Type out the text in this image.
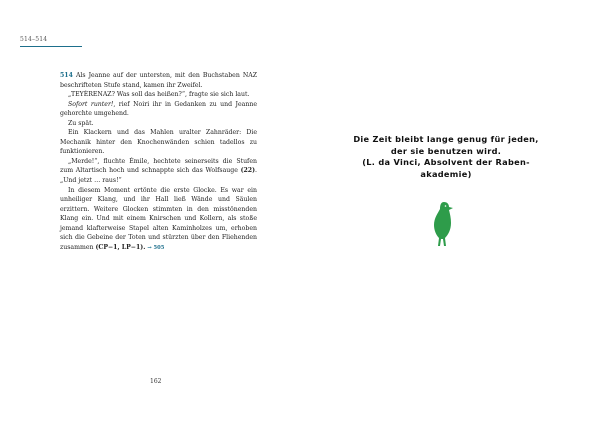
514–514

514 Als Jeanne auf der untersten, mit den Buchstaben NAZ beschrifteten Stufe stand, kamen ihr Zweifel.

„TEYÈRENAZ? Was soll das heißen?“, fragte sie sich laut.

Sofort runter!, rief Noiri ihr in Gedanken zu und Jeanne gehorchte umgehend.

Zu spät.

Ein Klackern und das Mahlen uralter Zahnräder: Die Mechanik hinter den Knochenwänden schien tadellos zu funktionieren.

„Merde!“, fluchte Émile, hechtete seinerseits die Stufen zum Altartisch hoch und schnappte sich das Wolfsauge (22). „Und jetzt … raus!“

In diesem Moment ertönte die erste Glocke. Es war ein unheiliger Klang, und ihr Hall ließ Wände und Säulen erzittern. Weitere Glocken stimmten in den misstönenden Klang ein. Und mit einem Knirschen und Kollern, als stoße jemand klafterweise Stapel alten Kaminholzes um, erhoben sich die Gebeine der Toten und stürzten über den Fliehenden zusammen (CP−1, LP−1). → 505

162
Die Zeit bleibt lange genug für jeden,
der sie benutzen wird.
(L. da Vinci, Absolvent der Raben-
akademie)
